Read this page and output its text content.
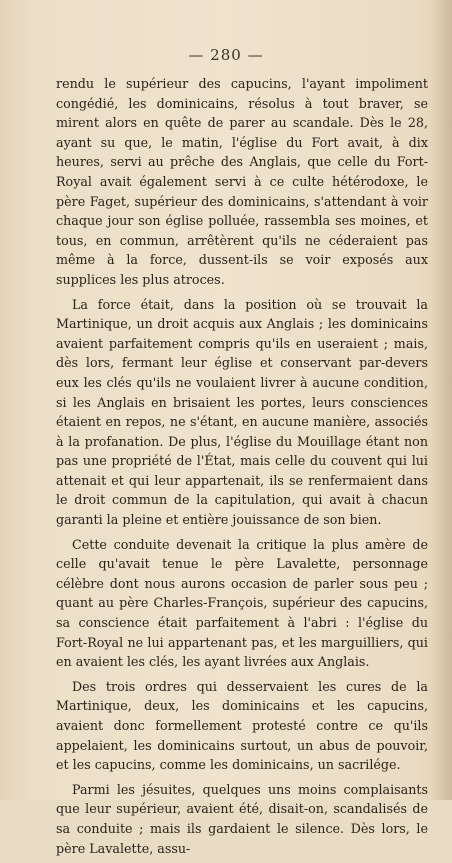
— 280 —

rendu le supérieur des capucins, l'ayant impoliment congédié, les dominicains, résolus à tout braver, se mirent alors en quête de parer au scandale. Dès le 28, ayant su que, le matin, l'église du Fort avait, à dix heures, servi au prêche des Anglais, que celle du Fort-Royal avait également servi à ce culte hétérodoxe, le père Faget, supérieur des dominicains, s'attendant à voir chaque jour son église polluée, rassembla ses moines, et tous, en commun, arrêtèrent qu'ils ne céderaient pas même à la force, dussent-ils se voir exposés aux supplices les plus atroces.

La force était, dans la position où se trouvait la Martinique, un droit acquis aux Anglais ; les dominicains avaient parfaitement compris qu'ils en useraient ; mais, dès lors, fermant leur église et conservant par-devers eux les clés qu'ils ne voulaient livrer à aucune condition, si les Anglais en brisaient les portes, leurs consciences étaient en repos, ne s'étant, en aucune manière, associés à la profanation. De plus, l'église du Mouillage étant non pas une propriété de l'État, mais celle du couvent qui lui attenait et qui leur appartenait, ils se renfermaient dans le droit commun de la capitulation, qui avait à chacun garanti la pleine et entière jouissance de son bien.

Cette conduite devenait la critique la plus amère de celle qu'avait tenue le père Lavalette, personnage célèbre dont nous aurons occasion de parler sous peu ; quant au père Charles-François, supérieur des capucins, sa conscience était parfaitement à l'abri : l'église du Fort-Royal ne lui appartenant pas, et les marguilliers, qui en avaient les clés, les ayant livrées aux Anglais.

Des trois ordres qui desservaient les cures de la Martinique, deux, les dominicains et les capucins, avaient donc formellement protesté contre ce qu'ils appelaient, les dominicains surtout, un abus de pouvoir, et les capucins, comme les dominicains, un sacrilége.

Parmi les jésuites, quelques uns moins complaisants que leur supérieur, avaient été, disait-on, scandalisés de sa conduite ; mais ils gardaient le silence. Dès lors, le père Lavalette, assu-
